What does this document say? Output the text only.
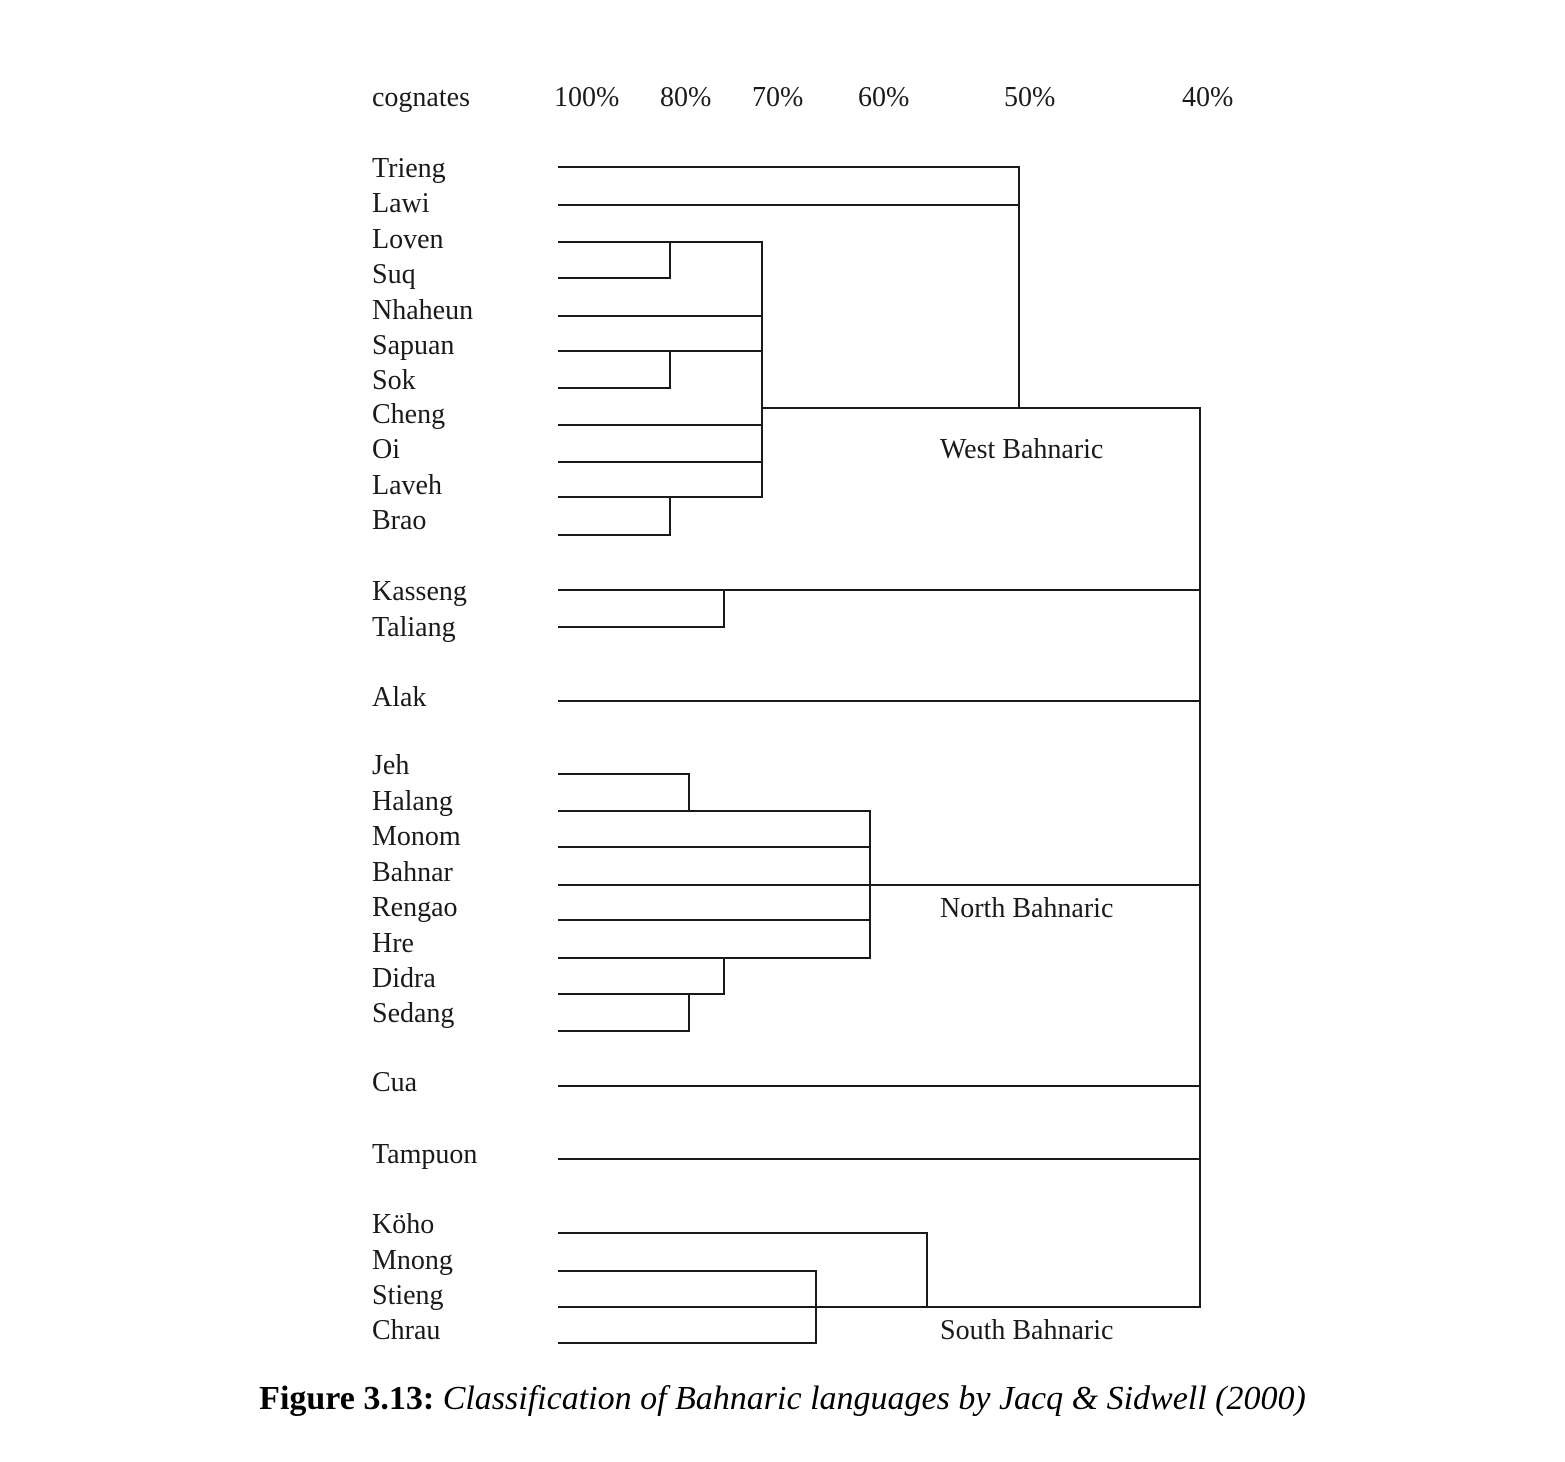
cognates	100% 80% 70% 60%	50%	40%
Trieng
Lawi
Loven
Suq
Nhaheun
Sapuan
Sok
Cheng
Oi
Laveh
Brao
Kasseng
Taliang
Alak
Jeh
Halang
Monom
Bahnar
Rengao
Hre
Didra
Sedang
Cua
Tampuon
Köho
Mnong
Stieng
Chrau
West Bahnaric
North Bahnaric
South Bahnaric
Figure 3.13: Classification of Bahnaric languages by Jacq & Sidwell (2000)
